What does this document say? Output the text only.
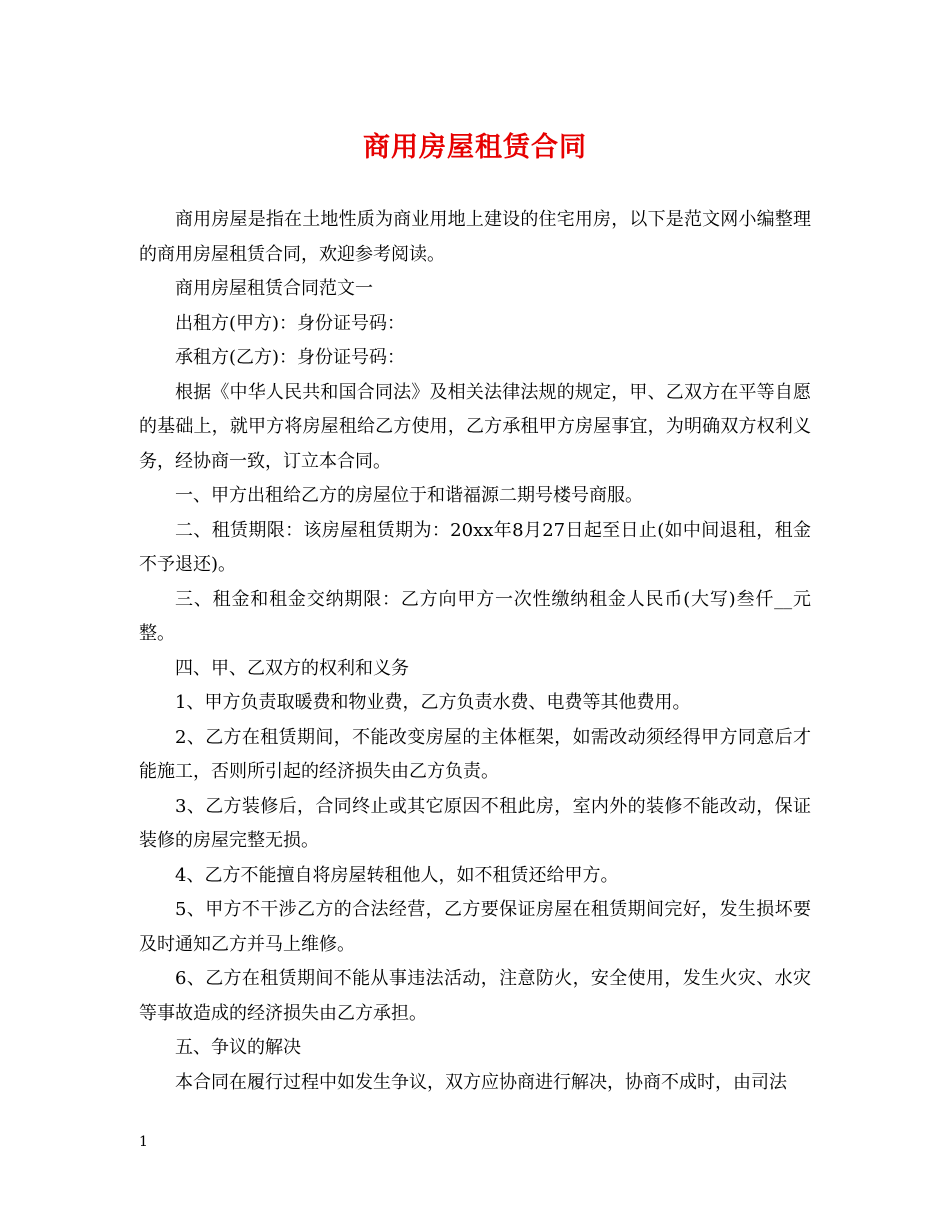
商用房屋租赁合同

商用房屋是指在土地性质为商业用地上建设的住宅用房，以下是范文网小编整理的商用房屋租赁合同，欢迎参考阅读。

商用房屋租赁合同范文一

出租方(甲方)：身份证号码：

承租方(乙方)：身份证号码：

根据《中华人民共和国合同法》及相关法律法规的规定，甲、乙双方在平等自愿的基础上，就甲方将房屋租给乙方使用，乙方承租甲方房屋事宜，为明确双方权利义务，经协商一致，订立本合同。

一、甲方出租给乙方的房屋位于和谐福源二期号楼号商服。

二、租赁期限：该房屋租赁期为：20xx年8月27日起至日止(如中间退租，租金不予退还)。

三、租金和租金交纳期限：乙方向甲方一次性缴纳租金人民币(大写)叁仟__元整。

四、甲、乙双方的权利和义务

1、甲方负责取暖费和物业费，乙方负责水费、电费等其他费用。

2、乙方在租赁期间，不能改变房屋的主体框架，如需改动须经得甲方同意后才能施工，否则所引起的经济损失由乙方负责。

3、乙方装修后，合同终止或其它原因不租此房，室内外的装修不能改动，保证装修的房屋完整无损。

4、乙方不能擅自将房屋转租他人，如不租赁还给甲方。

5、甲方不干涉乙方的合法经营，乙方要保证房屋在租赁期间完好，发生损坏要及时通知乙方并马上维修。

6、乙方在租赁期间不能从事违法活动，注意防火，安全使用，发生火灾、水灾等事故造成的经济损失由乙方承担。

五、争议的解决

本合同在履行过程中如发生争议，双方应协商进行解决，协商不成时，由司法

1
